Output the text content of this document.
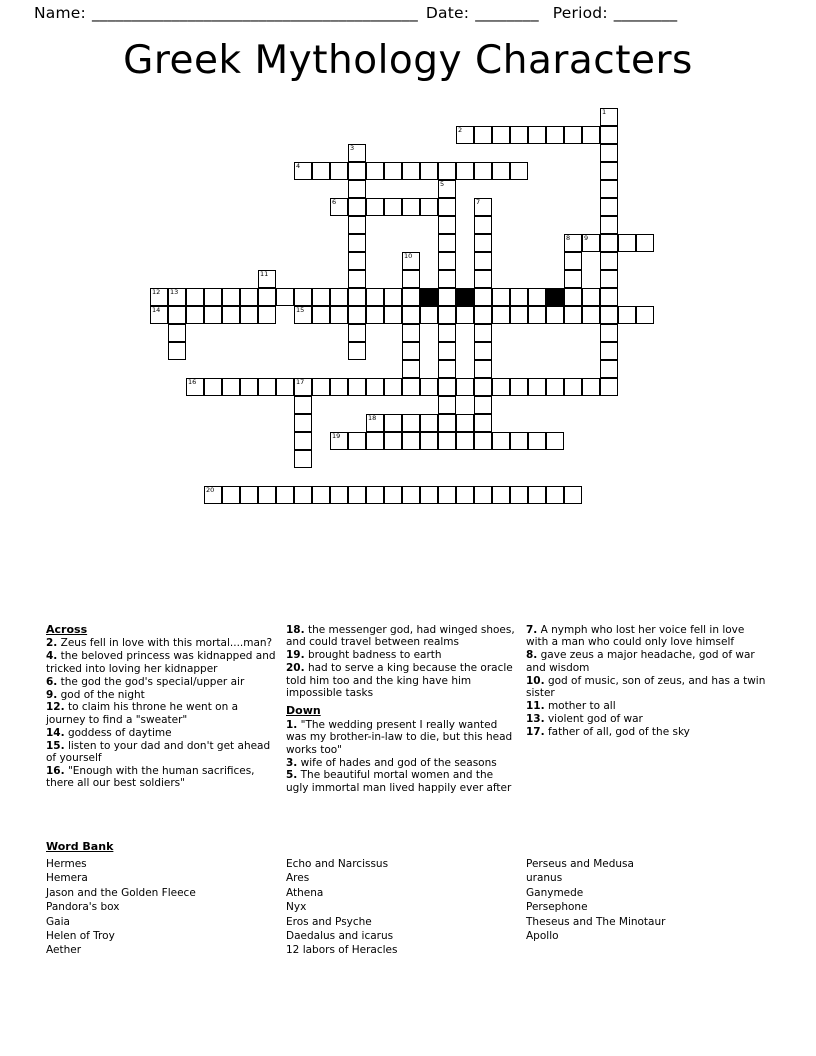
Name: _________________________________________ Date: ________ Period: ________
Greek Mythology Characters
1
2
3
4
5
6	7
8 9
10
11
12 13
14	15
16	17
18
19
20
Across
2. Zeus fell in love with this mortal....man?
4. the beloved princess was kidnapped and tricked into loving her kidnapper
6. the god the god's special/upper air
9. god of the night
12. to claim his throne he went on a journey to find a "sweater"
14. goddess of daytime
15. listen to your dad and don't get ahead of yourself
16. "Enough with the human sacrifices, there all our best soldiers"
18. the messenger god, had winged shoes, and could travel between realms
19. brought badness to earth
20. had to serve a king because the oracle told him too and the king have him impossible tasks
Down
1. "The wedding present I really wanted was my brother-in-law to die, but this head works too"
3. wife of hades and god of the seasons
5. The beautiful mortal women and the ugly immortal man lived happily ever after
7. A nymph who lost her voice fell in love with a man who could only love himself
8. gave zeus a major headache, god of war and wisdom
10. god of music, son of zeus, and has a twin sister
11. mother to all
13. violent god of war
17. father of all, god of the sky
Word Bank
Hermes
Hemera
Jason and the Golden Fleece
Pandora's box
Gaia
Helen of Troy
Aether
Echo and Narcissus
Ares
Athena
Nyx
Eros and Psyche
Daedalus and icarus
12 labors of Heracles
Perseus and Medusa
uranus
Ganymede
Persephone
Theseus and The Minotaur
Apollo
